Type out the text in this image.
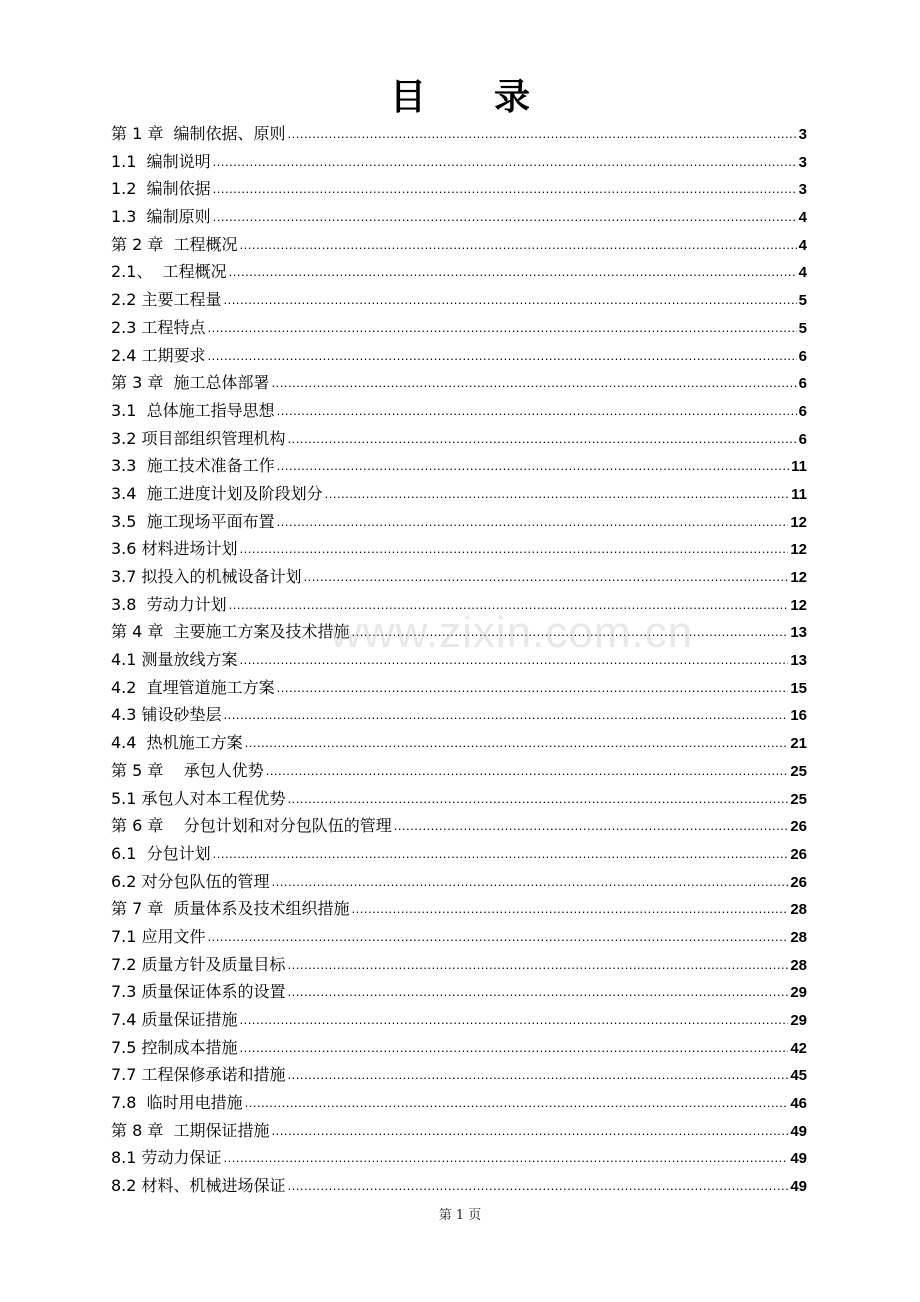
目 录
第 1 章  编制依据、原则 .....	3
1.1  编制说明 .....	3
1.2  编制依据 .....	3
1.3  编制原则 .....	4
第 2 章  工程概况 .....	4
2.1、  工程概况 .....	4
2.2 主要工程量 .....	5
2.3 工程特点 .....	5
2.4 工期要求 .....	6
第 3 章  施工总体部署 .....	6
3.1  总体施工指导思想 .....	6
3.2 项目部组织管理机构 .....	6
3.3  施工技术准备工作 .....	11
3.4  施工进度计划及阶段划分 .....	11
3.5  施工现场平面布置 .....	12
3.6 材料进场计划 .....	12
3.7 拟投入的机械设备计划 .....	12
3.8  劳动力计划 .....	12
第 4 章  主要施工方案及技术措施 .....	13
4.1 测量放线方案 .....	13
4.2  直埋管道施工方案 .....	15
4.3 铺设砂垫层 .....	16
4.4  热机施工方案 .....	21
第 5 章    承包人优势 .....	25
5.1 承包人对本工程优势 .....	25
第 6 章    分包计划和对分包队伍的管理 .....	26
6.1  分包计划 .....	26
6.2 对分包队伍的管理 .....	26
第 7 章  质量体系及技术组织措施 .....	28
7.1 应用文件 .....	28
7.2 质量方针及质量目标 .....	28
7.3 质量保证体系的设置 .....	29
7.4 质量保证措施 .....	29
7.5 控制成本措施 .....	42
7.7 工程保修承诺和措施 .....	45
7.8  临时用电措施 .....	46
第 8 章  工期保证措施 .....	49
8.1 劳动力保证 .....	49
8.2 材料、机械进场保证 .....	49
www.zixin.com.cn
第 1 页
